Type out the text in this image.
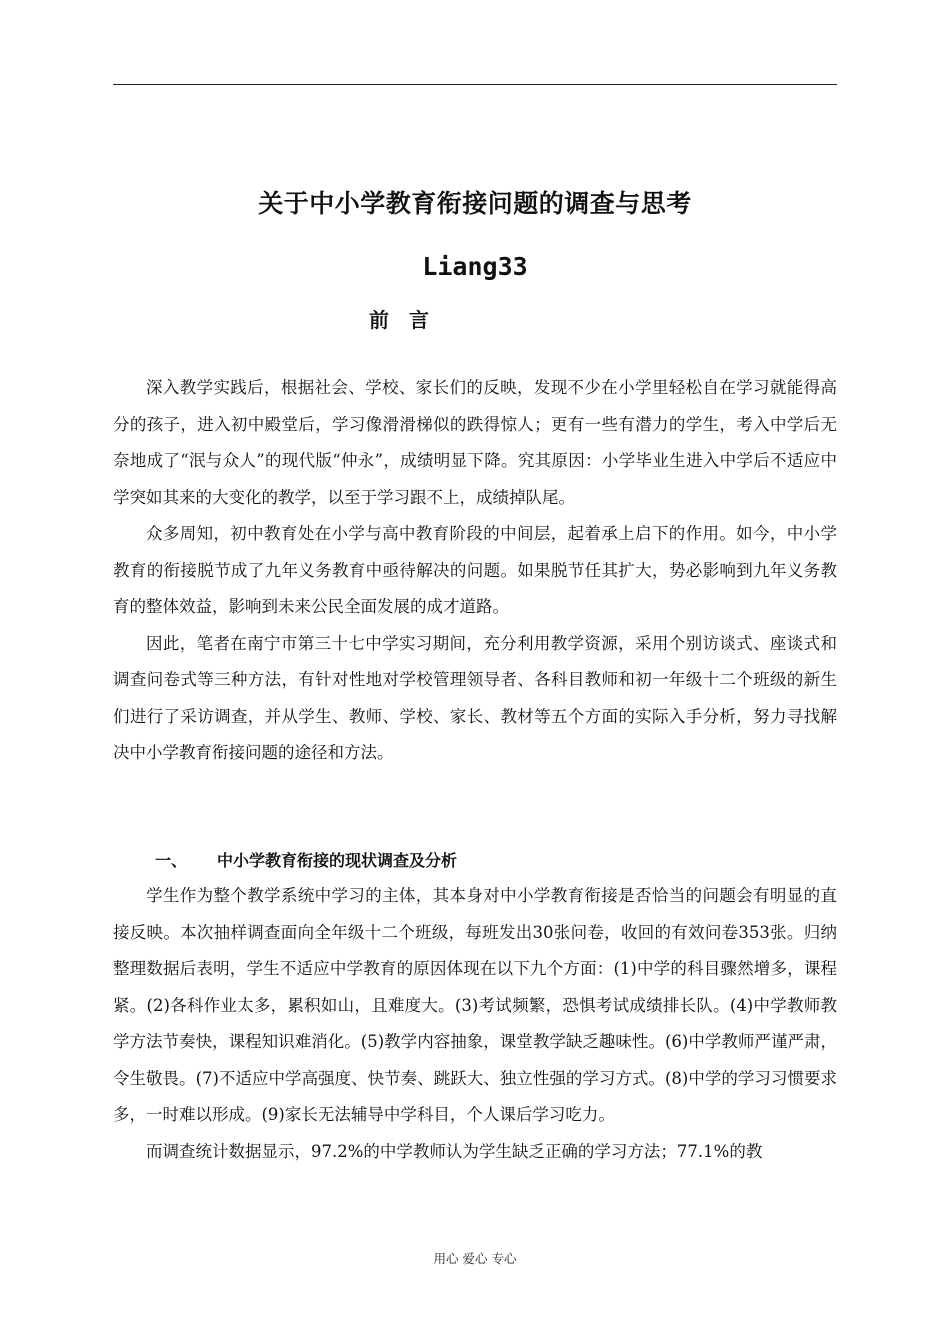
关于中小学教育衔接问题的调查与思考
Liang33
前 言

深入教学实践后，根据社会、学校、家长们的反映，发现不少在小学里轻松自在学习就能得高分的孩子，进入初中殿堂后，学习像滑滑梯似的跌得惊人；更有一些有潜力的学生，考入中学后无奈地成了“泯与众人”的现代版“仲永”，成绩明显下降。究其原因：小学毕业生进入中学后不适应中学突如其来的大变化的教学，以至于学习跟不上，成绩掉队尾。

众多周知，初中教育处在小学与高中教育阶段的中间层，起着承上启下的作用。如今，中小学教育的衔接脱节成了九年义务教育中亟待解决的问题。如果脱节任其扩大，势必影响到九年义务教育的整体效益，影响到未来公民全面发展的成才道路。

因此，笔者在南宁市第三十七中学实习期间，充分利用教学资源，采用个别访谈式、座谈式和调查问卷式等三种方法，有针对性地对学校管理领导者、各科目教师和初一年级十二个班级的新生们进行了采访调查，并从学生、教师、学校、家长、教材等五个方面的实际入手分析，努力寻找解决中小学教育衔接问题的途径和方法。

一、 中小学教育衔接的现状调查及分析

学生作为整个教学系统中学习的主体，其本身对中小学教育衔接是否恰当的问题会有明显的直接反映。本次抽样调查面向全年级十二个班级，每班发出30张问卷，收回的有效问卷353张。归纳整理数据后表明，学生不适应中学教育的原因体现在以下九个方面：(1)中学的科目骤然增多，课程紧。(2)各科作业太多，累积如山，且难度大。(3)考试频繁，恐惧考试成绩排长队。(4)中学教师教学方法节奏快，课程知识难消化。(5)教学内容抽象，课堂教学缺乏趣味性。(6)中学教师严谨严肃，令生敬畏。(7)不适应中学高强度、快节奏、跳跃大、独立性强的学习方式。(8)中学的学习习惯要求多，一时难以形成。(9)家长无法辅导中学科目，个人课后学习吃力。

而调查统计数据显示，97.2%的中学教师认为学生缺乏正确的学习方法；77.1%的教

用心 爱心 专心
